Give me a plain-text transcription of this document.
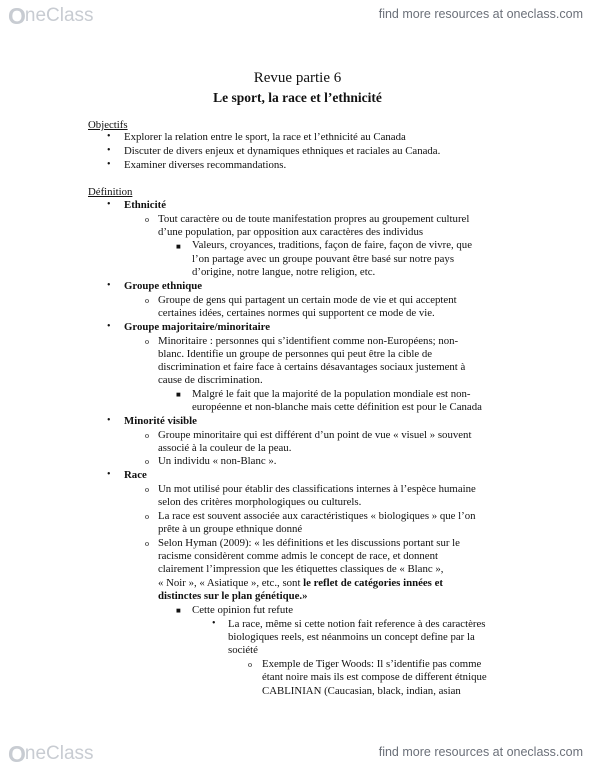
O neClass	find more resources at oneclass.com
Revue partie 6
Le sport, la race et l’ethnicité
Objectifs
• Explorer la relation entre le sport, la race et l’ethnicité au Canada
• Discuter de divers enjeux et dynamiques ethniques et raciales au Canada.
• Examiner diverses recommandations.
Définition
• Ethnicité
o Tout caractère ou de toute manifestation propres au groupement culturel
d’une population, par opposition aux caractères des individus
■ Valeurs, croyances, traditions, façon de faire, façon de vivre, que
l’on partage avec un groupe pouvant être basé sur notre pays
d’origine, notre langue, notre religion, etc.
• Groupe ethnique
o Groupe de gens qui partagent un certain mode de vie et qui acceptent
certaines idées, certaines normes qui supportent ce mode de vie.
• Groupe majoritaire/minoritaire
o Minoritaire : personnes qui s’identifient comme non-Européens; non-
blanc. Identifie un groupe de personnes qui peut être la cible de
discrimination et faire face à certains désavantages sociaux justement à
cause de discrimination.
■ Malgré le fait que la majorité de la population mondiale est non-
européenne et non-blanche mais cette définition est pour le Canada
• Minorité visible
o Groupe minoritaire qui est différent d’un point de vue « visuel » souvent
associé à la couleur de la peau.
o Un individu « non-Blanc ».
• Race
o Un mot utilisé pour établir des classifications internes à l’espèce humaine
selon des critères morphologiques ou culturels.
o La race est souvent associée aux caractéristiques « biologiques » que l’on
prête à un groupe ethnique donné
o Selon Hyman (2009): « les définitions et les discussions portant sur le
racisme considèrent comme admis le concept de race, et donnent
clairement l’impression que les étiquettes classiques de « Blanc »,
« Noir », « Asiatique », etc., sont le reflet de catégories innées et
distinctes sur le plan génétique.»
■ Cette opinion fut refute
• La race, même si cette notion fait reference à des caractères
biologiques reels, est néanmoins un concept define par la
société
o Exemple de Tiger Woods: Il s’identifie pas comme
étant noire mais ils est compose de different étnique
CABLINIAN (Caucasian, black, indian, asian
O neClass	find more resources at oneclass.com
